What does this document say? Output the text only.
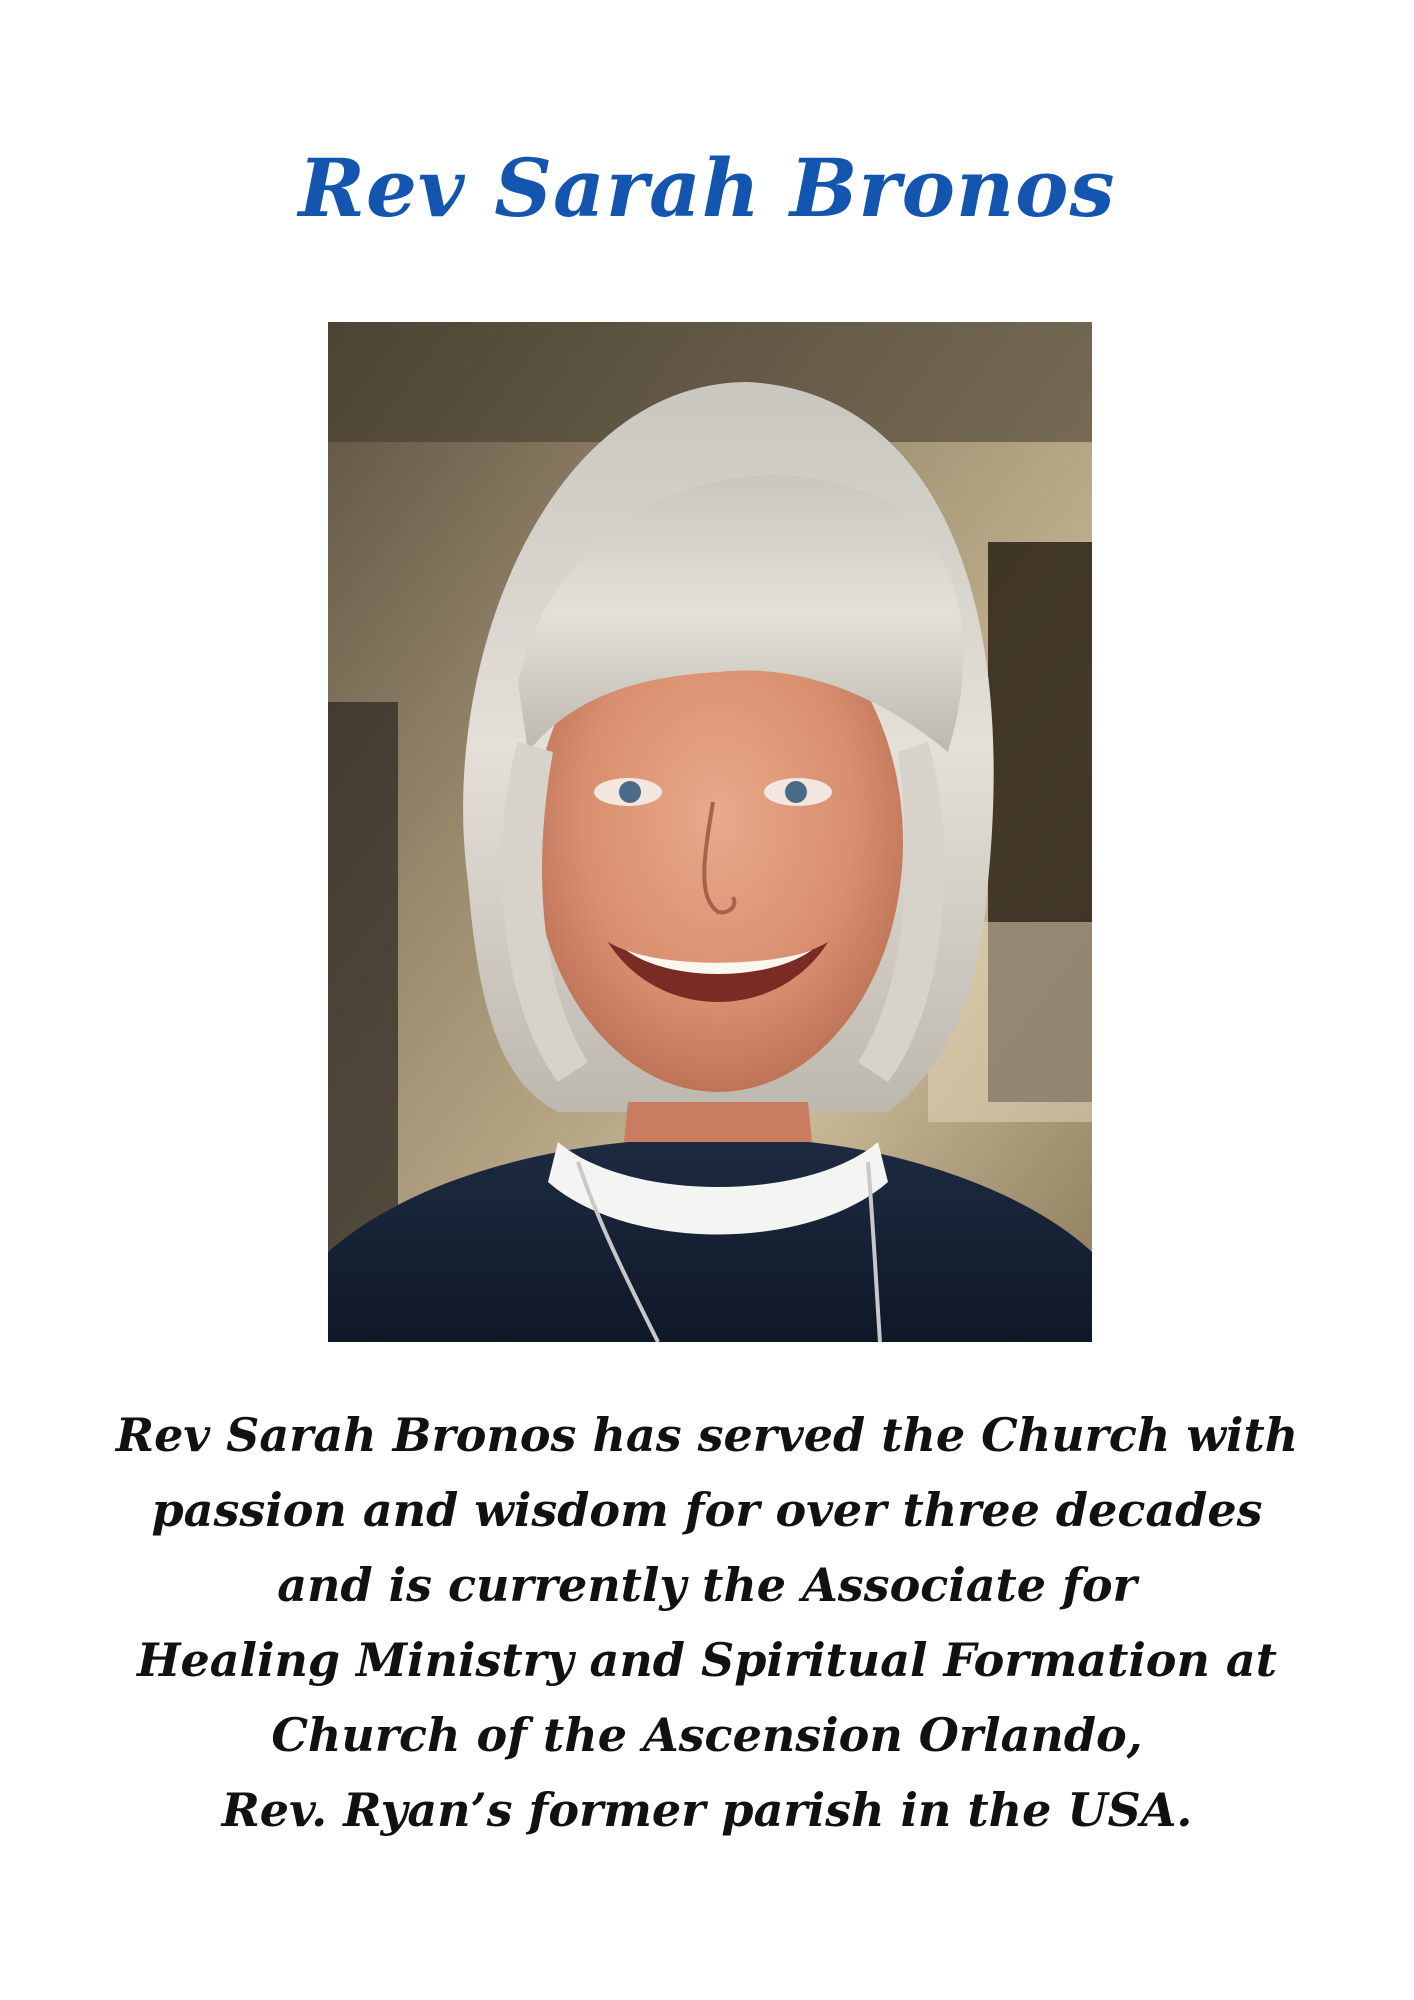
Rev Sarah Bronos
Rev Sarah Bronos has served the Church with
passion and wisdom for over three decades
and is currently the Associate for
Healing Ministry and Spiritual Formation at
Church of the Ascension Orlando,
Rev. Ryan’s former parish in the USA.
